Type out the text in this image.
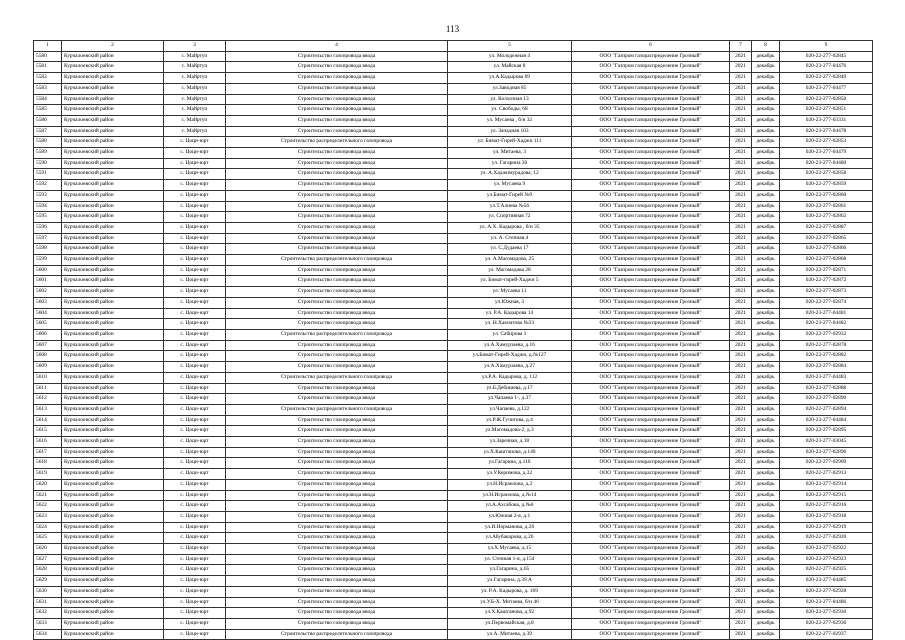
113
1	2	3	4	5	6	7	8	9
5580	Курчалоевский район	с. Майртуп	Строительство газопровода ввода	ул. Молодежная 4	ООО "Газпром газораспределение Грозный"	2021	декабрь	020-22-277-02845
5581	Курчалоевский район	с. Майртуп	Строительство газопровода ввода	ул. Майская 8	ООО "Газпром газораспределение Грозный"	2021	декабрь	020-23-277-04476
5582	Курчалоевский район	с. Майртуп	Строительство газопровода ввода	ул.А.Кадырова 69	ООО "Газпром газораспределение Грозный"	2021	декабрь	020-22-277-02849
5583	Курчалоевский район	с. Майртуп	Строительство газопровода ввода	ул.Заводная 85	ООО "Газпром газораспределение Грозный"	2021	декабрь	020-23-277-04477
5584	Курчалоевский район	с. Майртуп	Строительство газопровода ввода	ул. Колхозная 13	ООО "Газпром газораспределение Грозный"	2021	декабрь	020-22-277-02850
5585	Курчалоевский район	с. Майртуп	Строительство газопровода ввода	ул. Свободы, 68	ООО "Газпром газораспределение Грозный"	2021	декабрь	020-22-277-02851
5586	Курчалоевский район	с. Майртуп	Строительство газопровода ввода	ул. Мусаева , б/н 32	ООО "Газпром газораспределение Грозный"	2021	декабрь	020-23-277-03331
5587	Курчалоевский район	с. Майртуп	Строительство газопровода ввода	ул. Западная 103	ООО "Газпром газораспределение Грозный"	2021	декабрь	020-23-277-04478
5588	Курчалоевский район	с. Цоци-юрт	Строительство распределительного газопровода	ул. Бимат-Гирей-Хаджи 111	ООО "Газпром газораспределение Грозный"	2021	декабрь	020-22-277-02853
5589	Курчалоевский район	с. Цоци-юрт	Строительство газопровода ввода	ул. Митаева, 3	ООО "Газпром газораспределение Грозный"	2021	декабрь	020-23-277-04479
5590	Курчалоевский район	с. Цоци-юрт	Строительство газопровода ввода	ул. Гагарина 30	ООО "Газпром газораспределение Грозный"	2021	декабрь	020-23-277-04480
5591	Курчалоевский район	с. Цоци-юрт	Строительство газопровода ввода	ул. А.Хаджимурадова, 12	ООО "Газпром газораспределение Грозный"	2021	декабрь	020-22-277-02858
5592	Курчалоевский район	с. Цоци-юрт	Строительство газопровода ввода	ул. Мусаева 9	ООО "Газпром газораспределение Грозный"	2021	декабрь	020-22-277-02859
5593	Курчалоевский район	с. Цоци-юрт	Строительство газопровода ввода	ул.Бимат-Гирей №9	ООО "Газпром газораспределение Грозный"	2021	декабрь	020-22-277-02860
5594	Курчалоевский район	с. Цоци-юрт	Строительство газопровода ввода	ул.Т.Алиева №56	ООО "Газпром газораспределение Грозный"	2021	декабрь	020-22-277-02861
5595	Курчалоевский район	с. Цоци-юрт	Строительство газопровода ввода	ул. Спортивная 72	ООО "Газпром газораспределение Грозный"	2021	декабрь	020-22-277-02862
5596	Курчалоевский район	с. Цоци-юрт	Строительство газопровода ввода	ул. А.Х. Кадырова , б/н 35	ООО "Газпром газораспределение Грозный"	2021	декабрь	020-22-277-02887
5597	Курчалоевский район	с. Цоци-юрт	Строительство газопровода ввода	ул. А. Степная 4	ООО "Газпром газораспределение Грозный"	2021	декабрь	020-22-277-02865
5598	Курчалоевский район	с. Цоци-юрт	Строительство газопровода ввода	ул. С.Дудаева 17	ООО "Газпром газораспределение Грозный"	2021	декабрь	020-22-277-02866
5599	Курчалоевский район	с. Цоци-юрт	Строительство распределительного газопровода	ул. А.Магомадова, 25	ООО "Газпром газораспределение Грозный"	2021	декабрь	020-22-277-02868
5600	Курчалоевский район	с. Цоци-юрт	Строительство газопровода ввода	ул. Магомадова 28	ООО "Газпром газораспределение Грозный"	2021	декабрь	020-22-277-02871
5601	Курчалоевский район	с. Цоци-юрт	Строительство газопровода ввода	ул. Бимат-гирей-Хаджи 5	ООО "Газпром газораспределение Грозный"	2021	декабрь	020-22-277-02872
5602	Курчалоевский район	с. Цоци-юрт	Строительство газопровода ввода	ул. Мусаева 11	ООО "Газпром газораспределение Грозный"	2021	декабрь	020-22-277-02873
5603	Курчалоевский район	с. Цоци-юрт	Строительство газопровода ввода	ул.Южная, 3	ООО "Газпром газораспределение Грозный"	2021	декабрь	020-22-277-02874
5604	Курчалоевский район	с. Цоци-юрт	Строительство газопровода ввода	ул. Р.А. Кадырова 14	ООО "Газпром газораспределение Грозный"	2021	декабрь	020-23-277-04481
5605	Курчалоевский район	с. Цоци-юрт	Строительство газопровода ввода	ул. Н.Хамзатова №33	ООО "Газпром газораспределение Грозный"	2021	декабрь	020-23-277-04482
5606	Курчалоевский район	с. Цоци-юрт	Строительство распределительного газопровода	ул. Сабирова 1	ООО "Газпром газораспределение Грозный"	2021	декабрь	020-22-277-02932
5607	Курчалоевский район	с. Цоци-юрт	Строительство газопровода ввода	ул.А.Хамурзаева, д.16	ООО "Газпром газораспределение Грозный"	2021	декабрь	020-22-277-02878
5608	Курчалоевский район	с. Цоци-юрт	Строительство газопровода ввода	ул.Бимат-Гирей-Хаджи, д.№127	ООО "Газпром газораспределение Грозный"	2021	декабрь	020-22-277-02882
5609	Курчалоевский район	с. Цоци-юрт	Строительство газопровода ввода	ул.А.Хамурзаева, д.27	ООО "Газпром газораспределение Грозный"	2021	декабрь	020-22-277-02884
5610	Курчалоевский район	с. Цоци-юрт	Строительство распределительного газопровода	ул.Р.А. Кадырова, д. 112	ООО "Газпром газораспределение Грозный"	2021	декабрь	020-23-277-04483
5611	Курчалоевский район	с. Цоци-юрт	Строительство газопровода ввода	ул.Б.Дебишева, д.17	ООО "Газпром газораспределение Грозный"	2021	декабрь	020-22-277-02888
5612	Курчалоевский район	с. Цоци-юрт	Строительство газопровода ввода	ул.Чапаева 1-, д.37	ООО "Газпром газораспределение Грозный"	2021	декабрь	020-22-277-02890
5613	Курчалоевский район	с. Цоци-юрт	Строительство распределительного газопровода	ул.Чапаева, д.122	ООО "Газпром газораспределение Грозный"	2021	декабрь	020-22-277-02894
5614	Курчалоевский район	с. Цоци-юрт	Строительство газопровода ввода	ул.Р.Ж.Гучигова, д.4	ООО "Газпром газораспределение Грозный"	2021	декабрь	020-23-277-04484
5615	Курчалоевский район	с. Цоци-юрт	Строительство газопровода ввода	ул.Магомадова-2, д.3	ООО "Газпром газораспределение Грозный"	2021	декабрь	020-22-277-02895
5616	Курчалоевский район	с. Цоци-юрт	Строительство газопровода ввода	ул.Заречная, д.18	ООО "Газпром газораспределение Грозный"	2021	декабрь	020-23-277-03045
5617	Курчалоевский район	с. Цоци-юрт	Строительство газопровода ввода	ул.Х.Каштанова, д.140	ООО "Газпром газораспределение Грозный"	2021	декабрь	020-22-277-02896
5618	Курчалоевский район	с. Цоци-юрт	Строительство газопровода ввода	ул.Гагарина, д.110	ООО "Газпром газораспределение Грозный"	2021	декабрь	020-22-277-02909
5619	Курчалоевский район	с. Цоци-юрт	Строительство газопровода ввода	ул.У.Керимова, д.32	ООО "Газпром газораспределение Грозный"	2021	декабрь	020-22-277-02913
5620	Курчалоевский район	с. Цоци-юрт	Строительство газопровода ввода	ул.Н.Исраилова, д.2	ООО "Газпром газораспределение Грозный"	2021	декабрь	020-22-277-02914
5621	Курчалоевский район	с. Цоци-юрт	Строительство газопровода ввода	ул.Н.Исраилова, д.№14	ООО "Газпром газораспределение Грозный"	2021	декабрь	020-22-277-02915
5622	Курчалоевский район	с. Цоци-юрт	Строительство газопровода ввода	ул.А.Ахсабова, д.№6	ООО "Газпром газораспределение Грозный"	2021	декабрь	020-22-277-02916
5623	Курчалоевский район	с. Цоци-юрт	Строительство газопровода ввода	ул.Южная 2-я, д.1	ООО "Газпром газораспределение Грозный"	2021	декабрь	020-22-277-02918
5624	Курчалоевский район	с. Цоци-юрт	Строительство газопровода ввода	ул.И.Норманова, д.26	ООО "Газпром газораспределение Грозный"	2021	декабрь	020-22-277-02919
5625	Курчалоевский район	с. Цоци-юрт	Строительство газопровода ввода	ул.Абубакарова, д.26	ООО "Газпром газораспределение Грозный"	2021	декабрь	020-22-277-02920
5626	Курчалоевский район	с. Цоци-юрт	Строительство газопровода ввода	ул.Х.Мусаева, д.15	ООО "Газпром газораспределение Грозный"	2021	декабрь	020-22-277-02922
5627	Курчалоевский район	с. Цоци-юрт	Строительство газопровода ввода	ул. Степная 1-я, д.154	ООО "Газпром газораспределение Грозный"	2021	декабрь	020-22-277-02923
5628	Курчалоевский район	с. Цоци-юрт	Строительство газопровода ввода	ул.Гагарина, д.65	ООО "Газпром газораспределение Грозный"	2021	декабрь	020-22-277-02925
5629	Курчалоевский район	с. Цоци-юрт	Строительство газопровода ввода	ул.Гагарина, д.39 А	ООО "Газпром газораспределение Грозный"	2021	декабрь	020-23-277-04485
5630	Курчалоевский район	с. Цоци-юрт	Строительство газопровода ввода	ул. Р.А. Кадырова, д. 169	ООО "Газпром газораспределение Грозный"	2021	декабрь	020-22-277-02928
5631	Курчалоевский район	с. Цоци-юрт	Строительство газопровода ввода	ул.У.Б-Х. Митаева, б/н 46	ООО "Газпром газораспределение Грозный"	2021	декабрь	020-23-277-04486
5632	Курчалоевский район	с. Цоци-юрт	Строительство газопровода ввода	ул.Х.Каштанова, д.92	ООО "Газпром газораспределение Грозный"	2021	декабрь	020-22-277-02930
5633	Курчалоевский район	с. Цоци-юрт	Строительство газопровода ввода	ул.Первомайская, д.8	ООО "Газпром газораспределение Грозный"	2021	декабрь	020-22-277-02936
5634	Курчалоевский район	с. Цоци-юрт	Строительство распределительного газопровода	ул.А. Митаева, д.39	ООО "Газпром газораспределение Грозный"	2021	декабрь	020-22-277-02937
